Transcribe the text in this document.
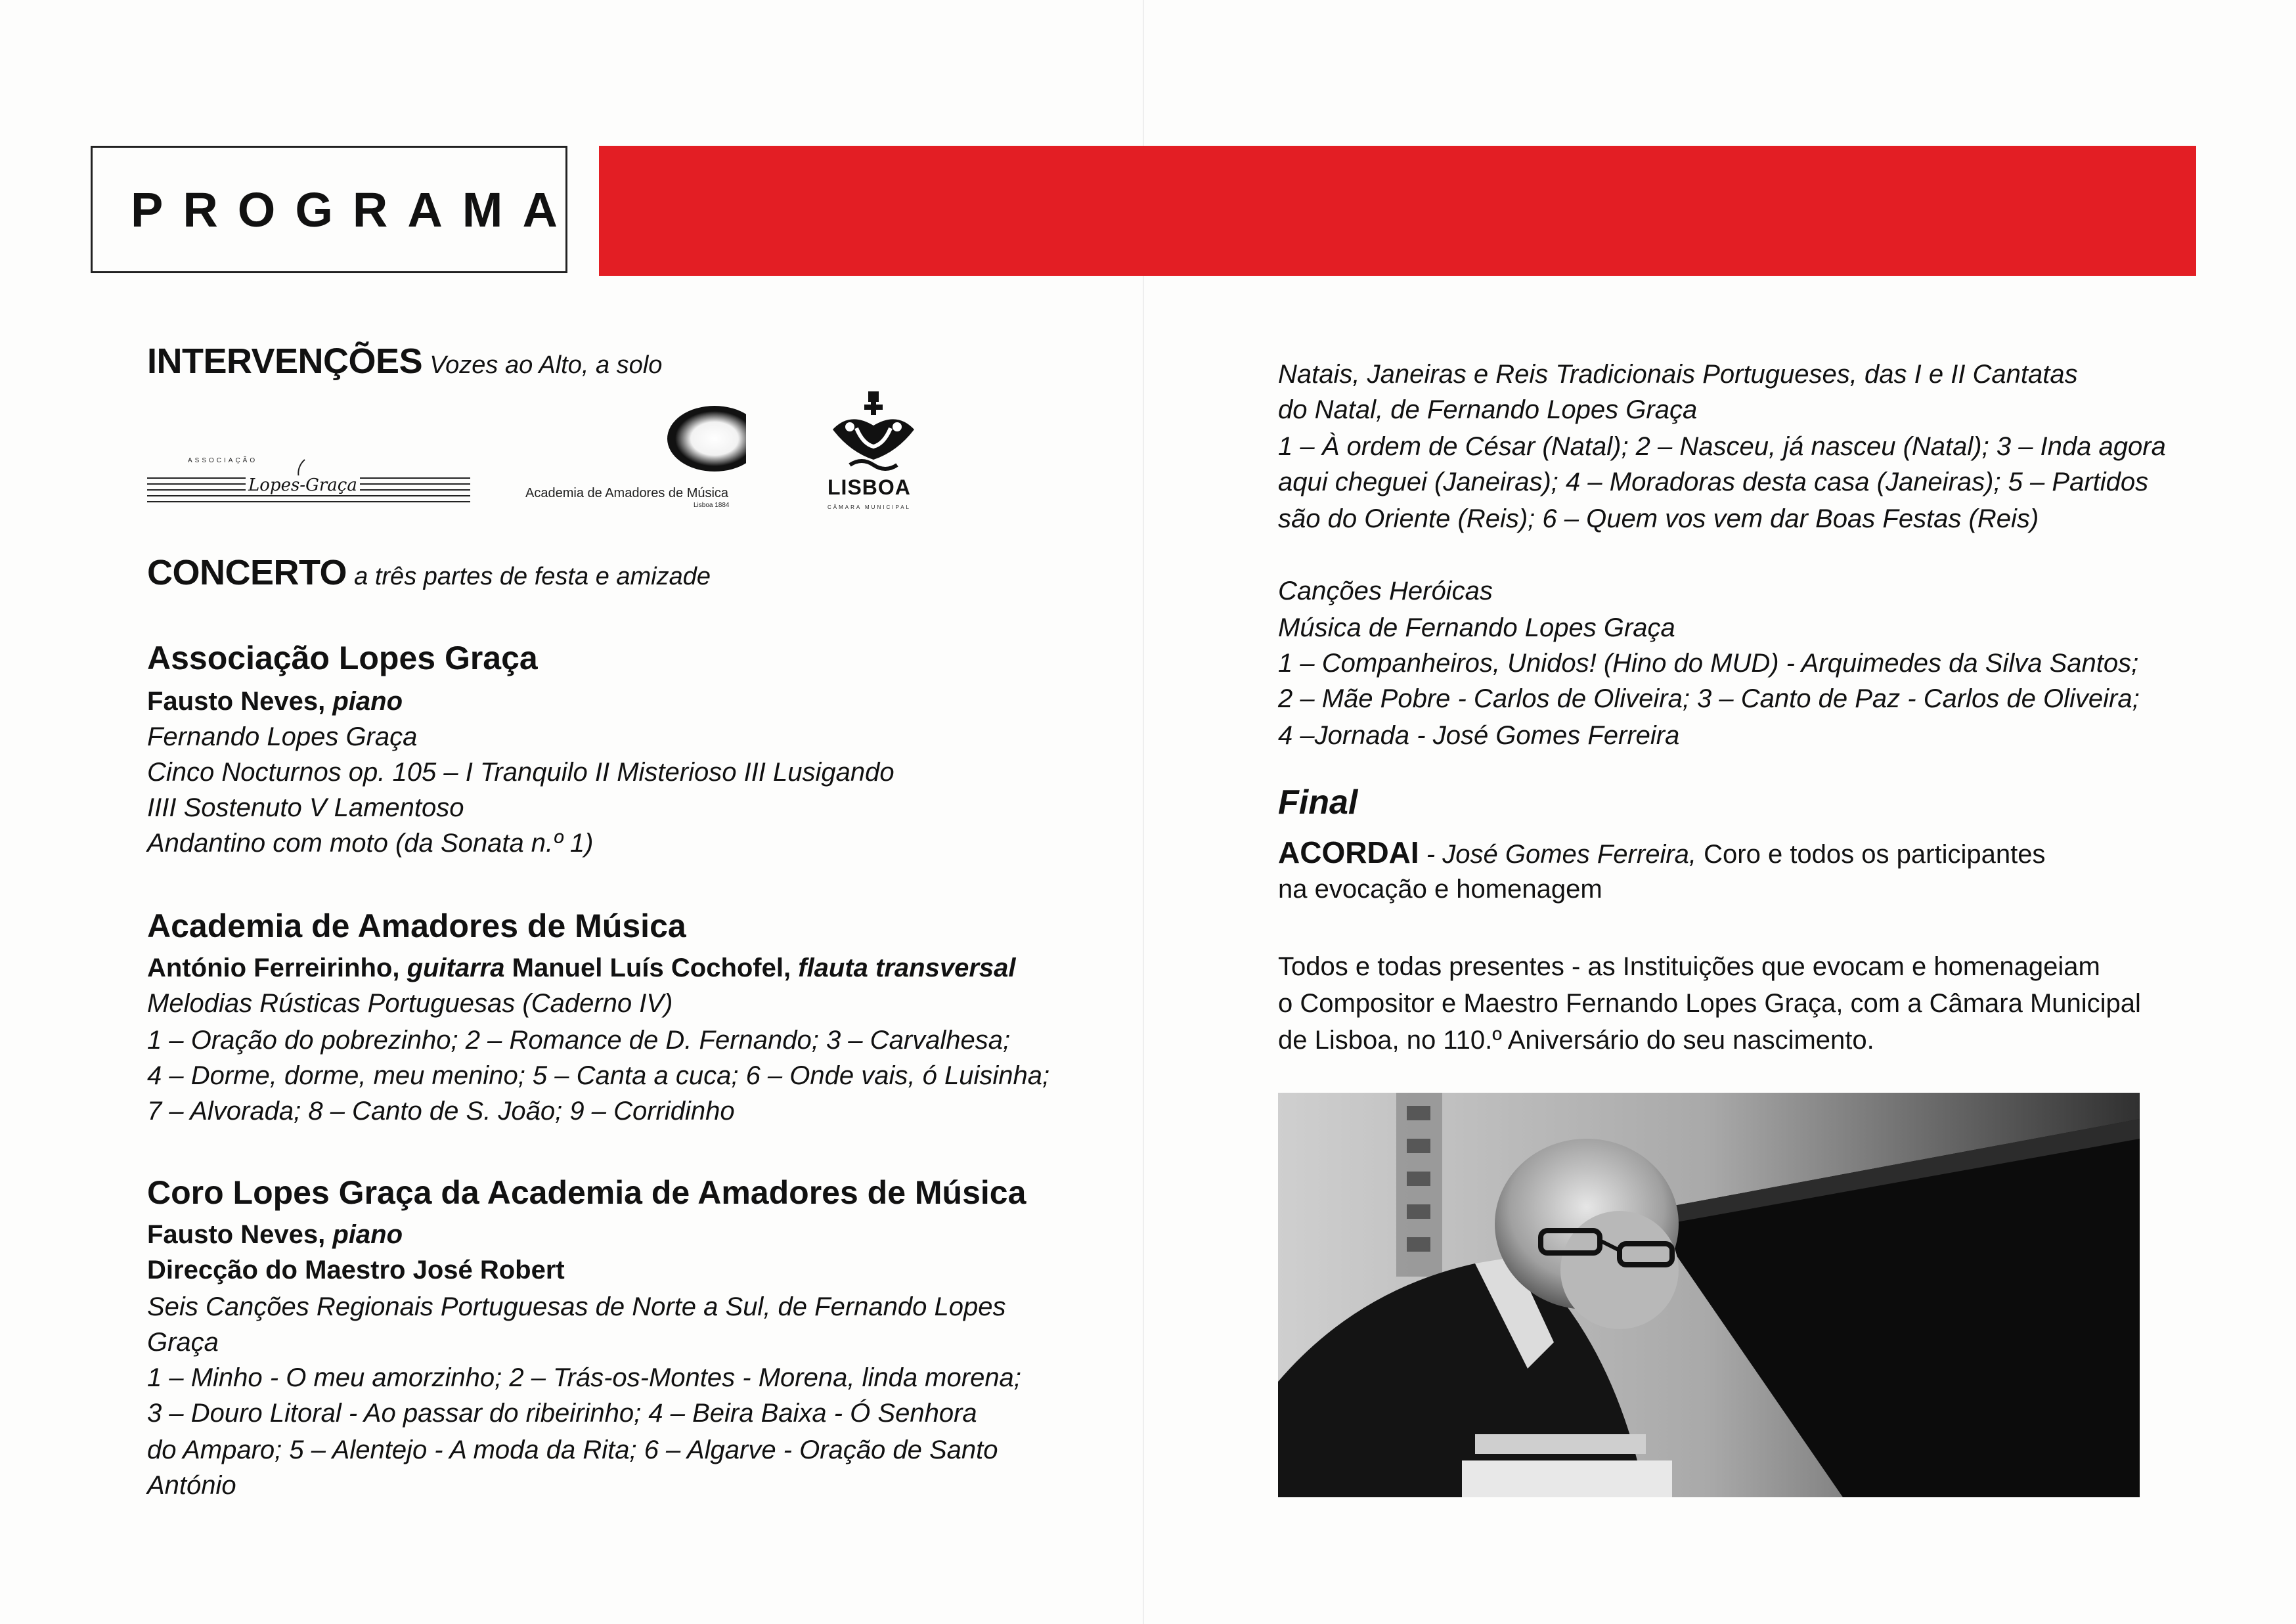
PROGRAMA
INTERVENÇÕES Vozes ao Alto, a solo
ASSOCIAÇÃO
Lopes-Graça	Academia de Amadores de Música
Lisboa 1884
LISBOA
CÂMARA MUNICIPAL
CONCERTO a três partes de festa e amizade
Associação Lopes Graça
Fausto Neves, piano
Fernando Lopes Graça
Cinco Nocturnos op. 105 – I Tranquilo II Misterioso III Lusigando
IIII Sostenuto V Lamentoso
Andantino com moto (da Sonata n.º 1)
Academia de Amadores de Música
António Ferreirinho, guitarra Manuel Luís Cochofel, flauta transversal
Melodias Rústicas Portuguesas (Caderno IV)
1 – Oração do pobrezinho; 2 – Romance de D. Fernando; 3 – Carvalhesa;
4 – Dorme, dorme, meu menino; 5 – Canta a cuca; 6 – Onde vais, ó Luisinha;
7 – Alvorada; 8 – Canto de S. João; 9 – Corridinho
Coro Lopes Graça da Academia de Amadores de Música
Fausto Neves, piano
Direcção do Maestro José Robert
Seis Canções Regionais Portuguesas de Norte a Sul, de Fernando Lopes
Graça
1 – Minho - O meu amorzinho; 2 – Trás-os-Montes - Morena, linda morena;
3 – Douro Litoral - Ao passar do ribeirinho; 4 – Beira Baixa - Ó Senhora
do Amparo; 5 – Alentejo - A moda da Rita; 6 – Algarve - Oração de Santo
António
Natais, Janeiras e Reis Tradicionais Portugueses, das I e II Cantatas
do Natal, de Fernando Lopes Graça
1 – À ordem de César (Natal); 2 – Nasceu, já nasceu (Natal); 3 – Inda agora
aqui cheguei (Janeiras); 4 – Moradoras desta casa (Janeiras); 5 – Partidos
são do Oriente (Reis); 6 – Quem vos vem dar Boas Festas (Reis)
Canções Heróicas
Música de Fernando Lopes Graça
1 – Companheiros, Unidos! (Hino do MUD) - Arquimedes da Silva Santos;
2 – Mãe Pobre - Carlos de Oliveira; 3 – Canto de Paz - Carlos de Oliveira;
4 –Jornada - José Gomes Ferreira
Final
ACORDAI - José Gomes Ferreira, Coro e todos os participantes
na evocação e homenagem
Todos e todas presentes - as Instituições que evocam e homenageiam
o Compositor e Maestro Fernando Lopes Graça, com a Câmara Municipal
de Lisboa, no 110.º Aniversário do seu nascimento.
